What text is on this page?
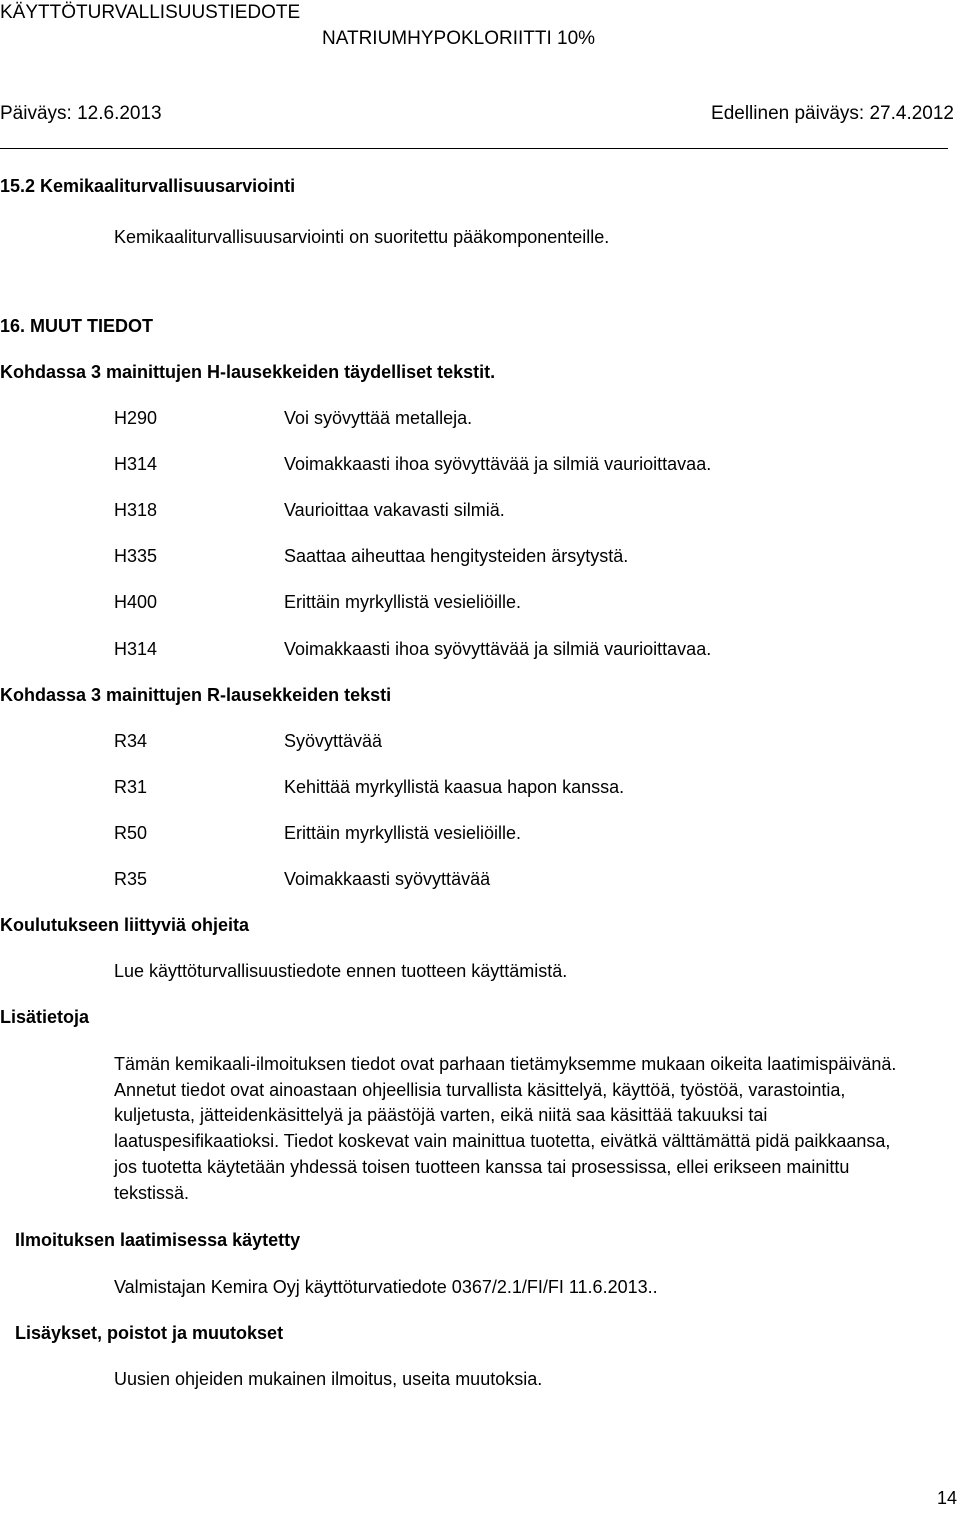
KÄYTTÖTURVALLISUUSTIEDOTE
NATRIUMHYPOKLORIITTI 10%
Päiväys: 12.6.2013	Edellinen päiväys: 27.4.2012
15.2 Kemikaaliturvallisuusarviointi
Kemikaaliturvallisuusarviointi on suoritettu pääkomponenteille.
16. MUUT TIEDOT
Kohdassa 3 mainittujen H-lausekkeiden täydelliset tekstit.
H290	Voi syövyttää metalleja.
H314	Voimakkaasti ihoa syövyttävää ja silmiä vaurioittavaa.
H318	Vaurioittaa vakavasti silmiä.
H335	Saattaa aiheuttaa hengitysteiden ärsytystä.
H400	Erittäin myrkyllistä vesieliöille.
H314	Voimakkaasti ihoa syövyttävää ja silmiä vaurioittavaa.
Kohdassa 3 mainittujen R-lausekkeiden teksti
R34	Syövyttävää
R31	Kehittää myrkyllistä kaasua hapon kanssa.
R50	Erittäin myrkyllistä vesieliöille.
R35	Voimakkaasti syövyttävää
Koulutukseen liittyviä ohjeita
Lue käyttöturvallisuustiedote ennen tuotteen käyttämistä.
Lisätietoja
Tämän kemikaali-ilmoituksen tiedot ovat parhaan tietämyksemme mukaan oikeita laatimispäivänä. Annetut tiedot ovat ainoastaan ohjeellisia turvallista käsittelyä, käyttöä, työstöä, varastointia, kuljetusta, jätteidenkäsittelyä ja päästöjä varten, eikä niitä saa käsittää takuuksi tai laatuspesifikaatioksi. Tiedot koskevat vain mainittua tuotetta, eivätkä välttämättä pidä paikkaansa, jos tuotetta käytetään yhdessä toisen tuotteen kanssa tai prosessissa, ellei erikseen mainittu tekstissä.
Ilmoituksen laatimisessa käytetty
Valmistajan Kemira Oyj käyttöturvatiedote 0367/2.1/FI/FI 11.6.2013..
Lisäykset, poistot ja muutokset
Uusien ohjeiden mukainen ilmoitus, useita muutoksia.
14
